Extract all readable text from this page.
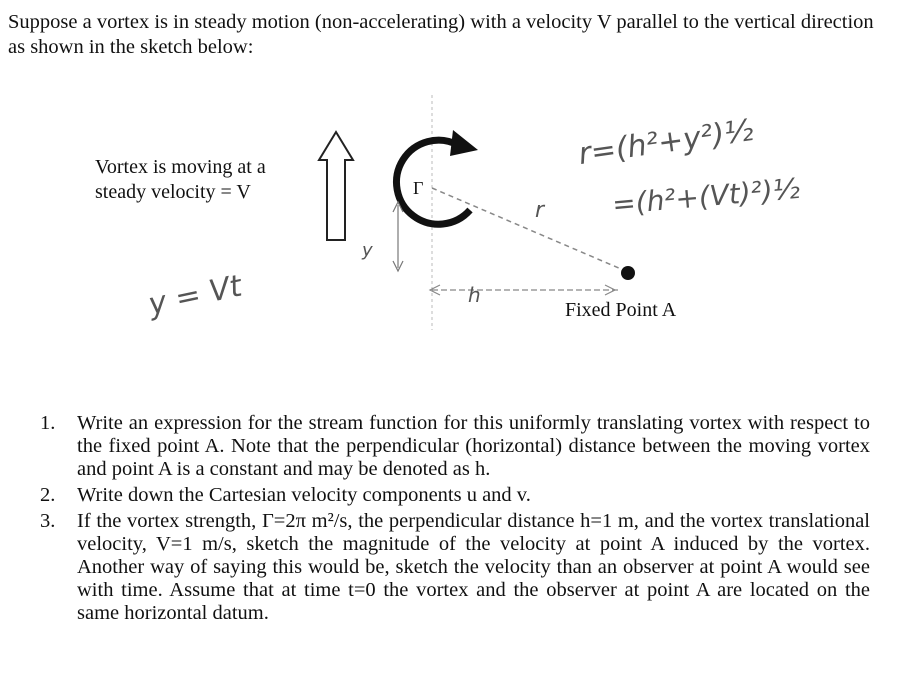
Suppose a vortex is in steady motion (non-accelerating) with a velocity V parallel to the vertical direction as shown in the sketch below:
Vortex is moving at a steady velocity = V	Γ
Fixed Point A
r=(h²+y²)½
=(h²+(Vt)²)½
y = Vt
r
y
h
1.	Write an expression for the stream function for this uniformly translating vortex with respect to the fixed point A. Note that the perpendicular (horizontal) distance between the moving vortex and point A is a constant and may be denoted as h.
2.	Write down the Cartesian velocity components u and v.
3.	If the vortex strength, Γ=2π m²/s, the perpendicular distance h=1 m, and the vortex translational velocity, V=1 m/s, sketch the magnitude of the velocity at point A induced by the vortex. Another way of saying this would be, sketch the velocity than an observer at point A would see with time. Assume that at time t=0 the vortex and the observer at point A are located on the same horizontal datum.
